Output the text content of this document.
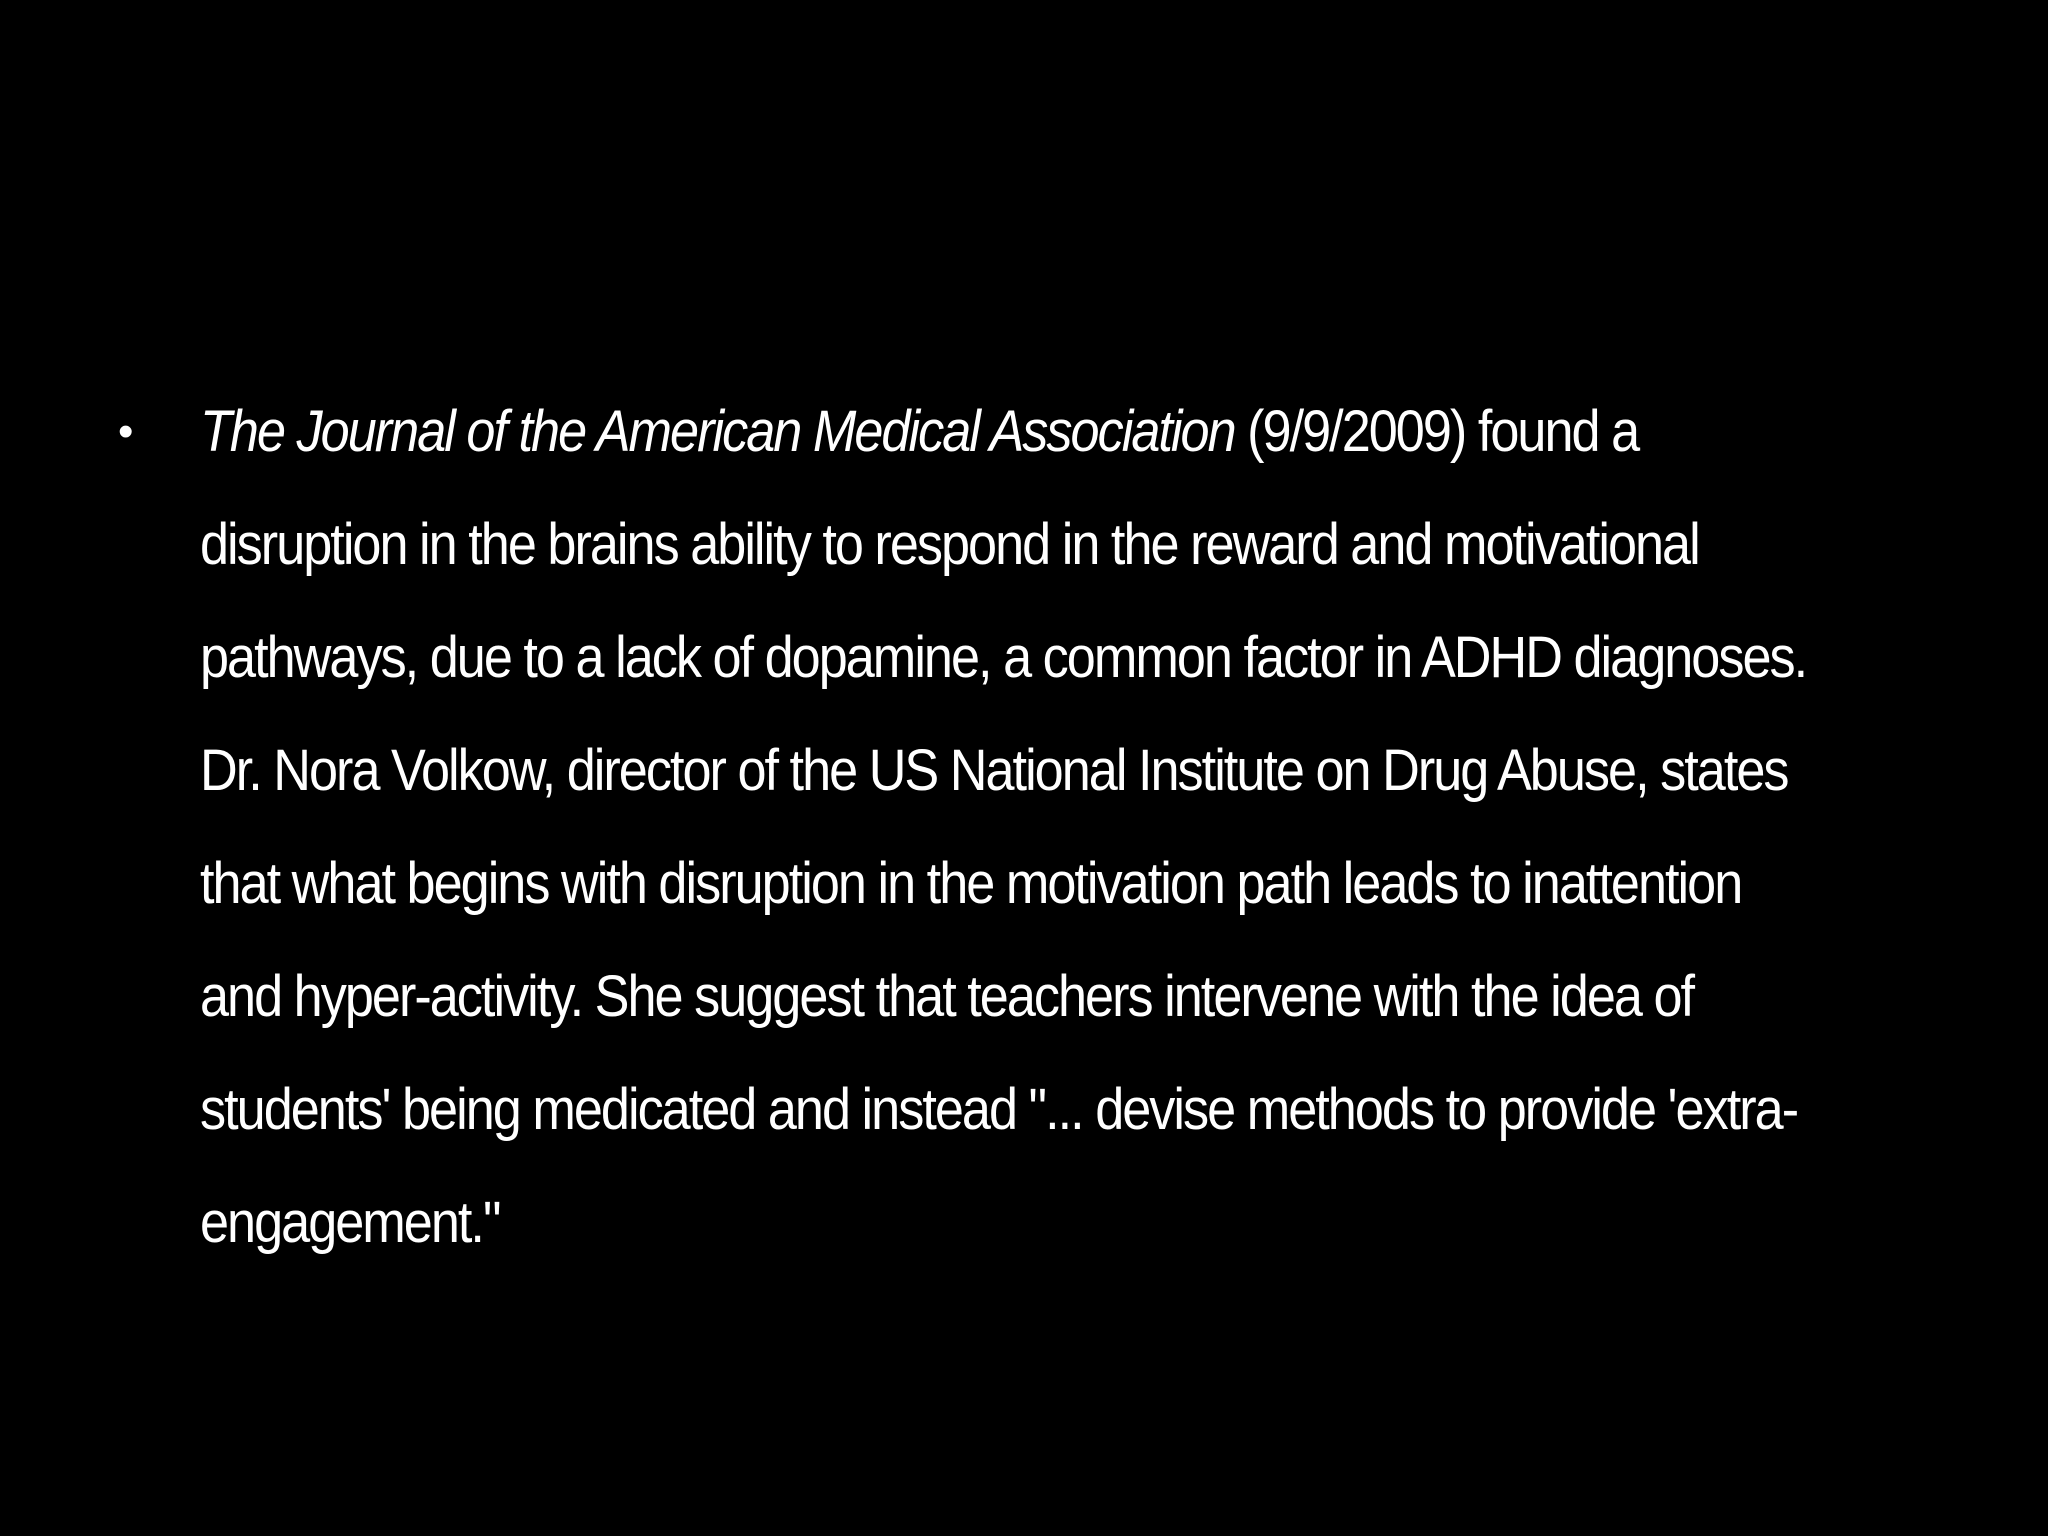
•	The Journal of the American Medical Association (9/9/2009) found a
disruption in the brains ability to respond in the reward and motivational
pathways, due to a lack of dopamine, a common factor in ADHD diagnoses.
Dr. Nora Volkow, director of the US National Institute on Drug Abuse, states
that what begins with disruption in the motivation path leads to inattention
and hyper-activity. She suggest that teachers intervene with the idea of
students' being medicated and instead "... devise methods to provide 'extra-
engagement."
